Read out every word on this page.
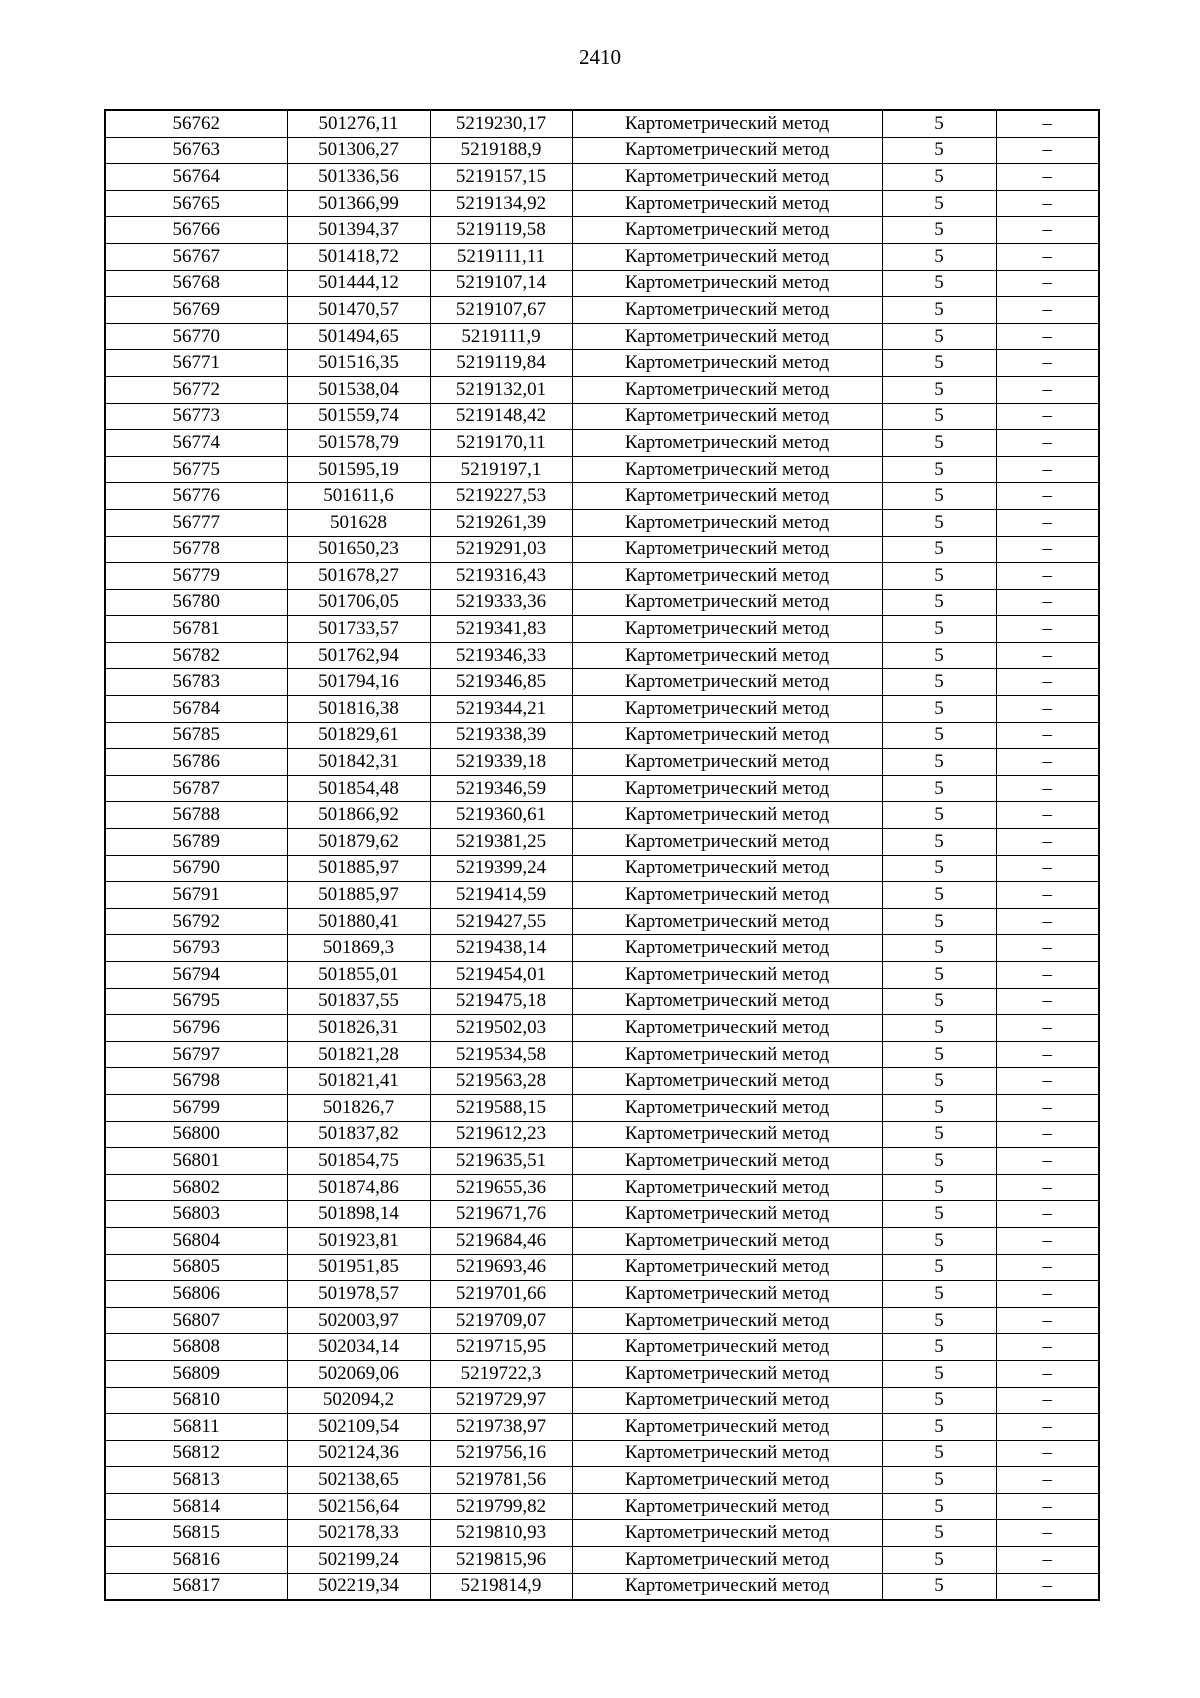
2410
56762	501276,11	5219230,17	Картометрический метод	5	–
56763	501306,27	5219188,9	Картометрический метод	5	–
56764	501336,56	5219157,15	Картометрический метод	5	–
56765	501366,99	5219134,92	Картометрический метод	5	–
56766	501394,37	5219119,58	Картометрический метод	5	–
56767	501418,72	5219111,11	Картометрический метод	5	–
56768	501444,12	5219107,14	Картометрический метод	5	–
56769	501470,57	5219107,67	Картометрический метод	5	–
56770	501494,65	5219111,9	Картометрический метод	5	–
56771	501516,35	5219119,84	Картометрический метод	5	–
56772	501538,04	5219132,01	Картометрический метод	5	–
56773	501559,74	5219148,42	Картометрический метод	5	–
56774	501578,79	5219170,11	Картометрический метод	5	–
56775	501595,19	5219197,1	Картометрический метод	5	–
56776	501611,6	5219227,53	Картометрический метод	5	–
56777	501628	5219261,39	Картометрический метод	5	–
56778	501650,23	5219291,03	Картометрический метод	5	–
56779	501678,27	5219316,43	Картометрический метод	5	–
56780	501706,05	5219333,36	Картометрический метод	5	–
56781	501733,57	5219341,83	Картометрический метод	5	–
56782	501762,94	5219346,33	Картометрический метод	5	–
56783	501794,16	5219346,85	Картометрический метод	5	–
56784	501816,38	5219344,21	Картометрический метод	5	–
56785	501829,61	5219338,39	Картометрический метод	5	–
56786	501842,31	5219339,18	Картометрический метод	5	–
56787	501854,48	5219346,59	Картометрический метод	5	–
56788	501866,92	5219360,61	Картометрический метод	5	–
56789	501879,62	5219381,25	Картометрический метод	5	–
56790	501885,97	5219399,24	Картометрический метод	5	–
56791	501885,97	5219414,59	Картометрический метод	5	–
56792	501880,41	5219427,55	Картометрический метод	5	–
56793	501869,3	5219438,14	Картометрический метод	5	–
56794	501855,01	5219454,01	Картометрический метод	5	–
56795	501837,55	5219475,18	Картометрический метод	5	–
56796	501826,31	5219502,03	Картометрический метод	5	–
56797	501821,28	5219534,58	Картометрический метод	5	–
56798	501821,41	5219563,28	Картометрический метод	5	–
56799	501826,7	5219588,15	Картометрический метод	5	–
56800	501837,82	5219612,23	Картометрический метод	5	–
56801	501854,75	5219635,51	Картометрический метод	5	–
56802	501874,86	5219655,36	Картометрический метод	5	–
56803	501898,14	5219671,76	Картометрический метод	5	–
56804	501923,81	5219684,46	Картометрический метод	5	–
56805	501951,85	5219693,46	Картометрический метод	5	–
56806	501978,57	5219701,66	Картометрический метод	5	–
56807	502003,97	5219709,07	Картометрический метод	5	–
56808	502034,14	5219715,95	Картометрический метод	5	–
56809	502069,06	5219722,3	Картометрический метод	5	–
56810	502094,2	5219729,97	Картометрический метод	5	–
56811	502109,54	5219738,97	Картометрический метод	5	–
56812	502124,36	5219756,16	Картометрический метод	5	–
56813	502138,65	5219781,56	Картометрический метод	5	–
56814	502156,64	5219799,82	Картометрический метод	5	–
56815	502178,33	5219810,93	Картометрический метод	5	–
56816	502199,24	5219815,96	Картометрический метод	5	–
56817	502219,34	5219814,9	Картометрический метод	5	–
